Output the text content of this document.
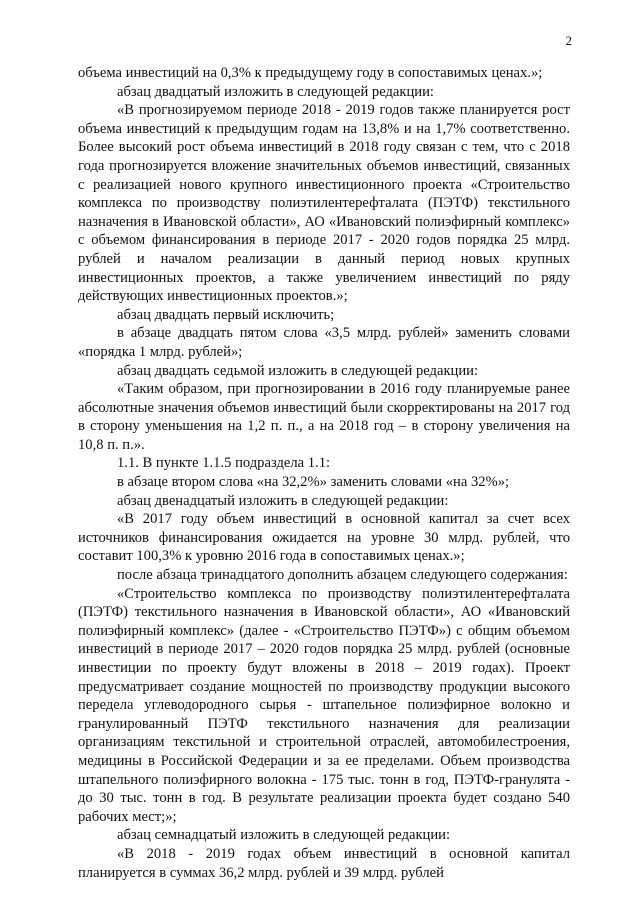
2

объема инвестиций на 0,3% к предыдущему году в сопоставимых ценах.»;

абзац двадцатый изложить в следующей редакции:

«В прогнозируемом периоде 2018 - 2019 годов также планируется рост объема инвестиций к предыдущим годам на 13,8% и на 1,7% соответственно. Более высокий рост объема инвестиций в 2018 году связан с тем, что с 2018 года прогнозируется вложение значительных объемов инвестиций, связанных с реализацией нового крупного инвестиционного проекта «Строительство комплекса по производству полиэтилентерефталата (ПЭТФ) текстильного назначения в Ивановской области», АО «Ивановский полиэфирный комплекс» с объемом финансирования в периоде 2017 - 2020 годов порядка 25 млрд. рублей и началом реализации в данный период новых крупных инвестиционных проектов, а также увеличением инвестиций по ряду действующих инвестиционных проектов.»;

абзац двадцать первый исключить;

в абзаце двадцать пятом слова «3,5 млрд. рублей» заменить словами «порядка 1 млрд. рублей»;

абзац двадцать седьмой изложить в следующей редакции:

«Таким образом, при прогнозировании в 2016 году планируемые ранее абсолютные значения объемов инвестиций были скорректированы на 2017 год в сторону уменьшения на 1,2 п. п., а на 2018 год – в сторону увеличения на 10,8 п. п.».

1.1. В пункте 1.1.5 подраздела 1.1:

в абзаце втором слова «на 32,2%» заменить словами «на 32%»;

абзац двенадцатый изложить в следующей редакции:

«В 2017 году объем инвестиций в основной капитал за счет всех источников финансирования ожидается на уровне 30 млрд. рублей, что составит 100,3% к уровню 2016 года в сопоставимых ценах.»;

после абзаца тринадцатого дополнить абзацем следующего содержания:

«Строительство комплекса по производству полиэтилентерефталата (ПЭТФ) текстильного назначения в Ивановской области», АО «Ивановский полиэфирный комплекс» (далее - «Строительство ПЭТФ») с общим объемом инвестиций в периоде 2017 – 2020 годов порядка 25 млрд. рублей (основные инвестиции по проекту будут вложены в 2018 – 2019 годах). Проект предусматривает создание мощностей по производству продукции высокого передела углеводородного сырья - штапельное полиэфирное волокно и гранулированный ПЭТФ текстильного назначения для реализации организациям текстильной и строительной отраслей, автомобилестроения, медицины в Российской Федерации и за ее пределами. Объем производства штапельного полиэфирного волокна - 175 тыс. тонн в год, ПЭТФ-гранулята - до 30 тыс. тонн в год. В результате реализации проекта будет создано 540 рабочих мест;»;

абзац семнадцатый изложить в следующей редакции:

«В 2018 - 2019 годах объем инвестиций в основной капитал планируется в суммах 36,2 млрд. рублей и 39 млрд. рублей
